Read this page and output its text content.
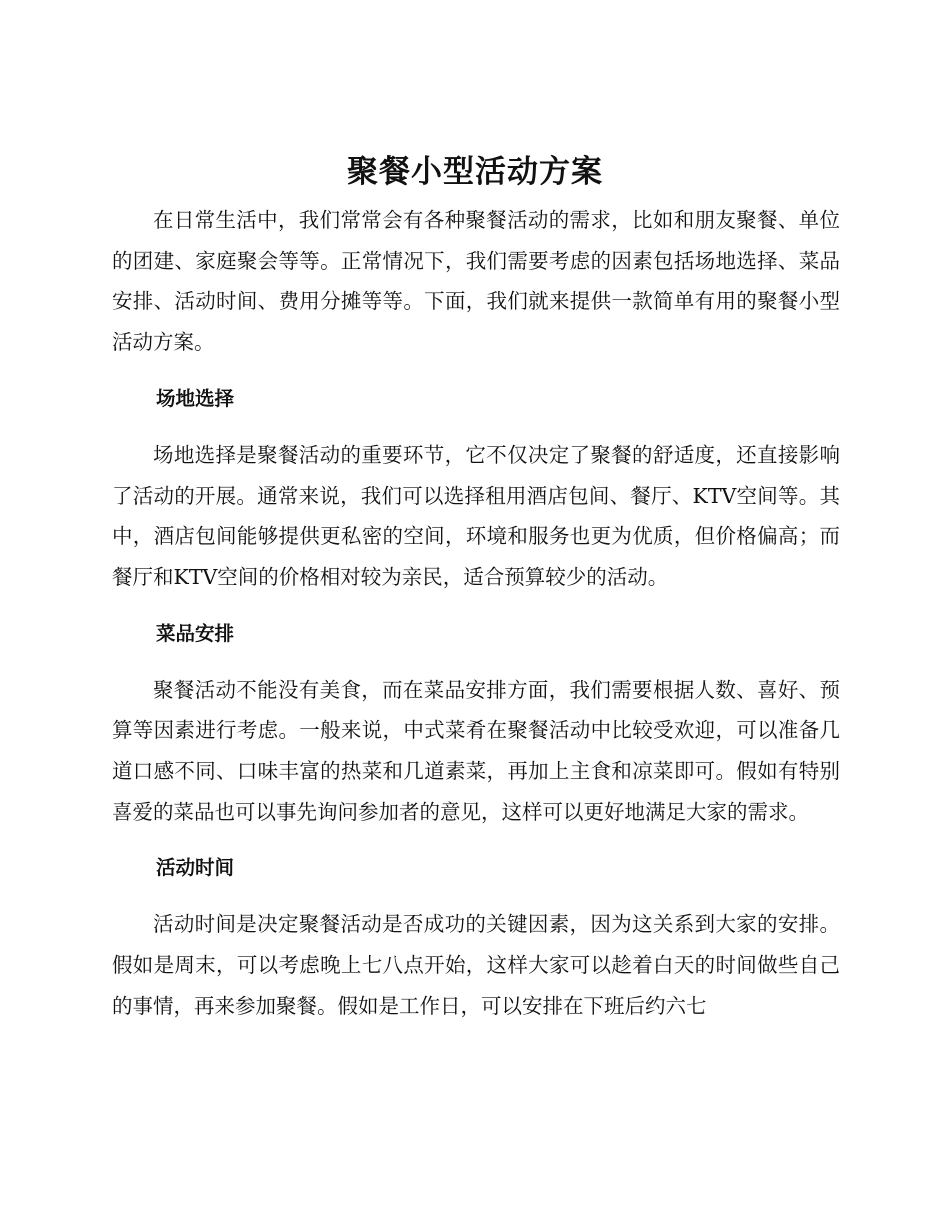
聚餐小型活动方案

在日常生活中，我们常常会有各种聚餐活动的需求，比如和朋友聚餐、单位的团建、家庭聚会等等。正常情况下，我们需要考虑的因素包括场地选择、菜品安排、活动时间、费用分摊等等。下面，我们就来提供一款简单有用的聚餐小型活动方案。

场地选择

场地选择是聚餐活动的重要环节，它不仅决定了聚餐的舒适度，还直接影响了活动的开展。通常来说，我们可以选择租用酒店包间、餐厅、KTV空间等。其中，酒店包间能够提供更私密的空间，环境和服务也更为优质，但价格偏高；而餐厅和KTV空间的价格相对较为亲民，适合预算较少的活动。

菜品安排

聚餐活动不能没有美食，而在菜品安排方面，我们需要根据人数、喜好、预算等因素进行考虑。一般来说，中式菜肴在聚餐活动中比较受欢迎，可以准备几道口感不同、口味丰富的热菜和几道素菜，再加上主食和凉菜即可。假如有特别喜爱的菜品也可以事先询问参加者的意见，这样可以更好地满足大家的需求。

活动时间

活动时间是决定聚餐活动是否成功的关键因素，因为这关系到大家的安排。假如是周末，可以考虑晚上七八点开始，这样大家可以趁着白天的时间做些自己的事情，再来参加聚餐。假如是工作日，可以安排在下班后约六七
